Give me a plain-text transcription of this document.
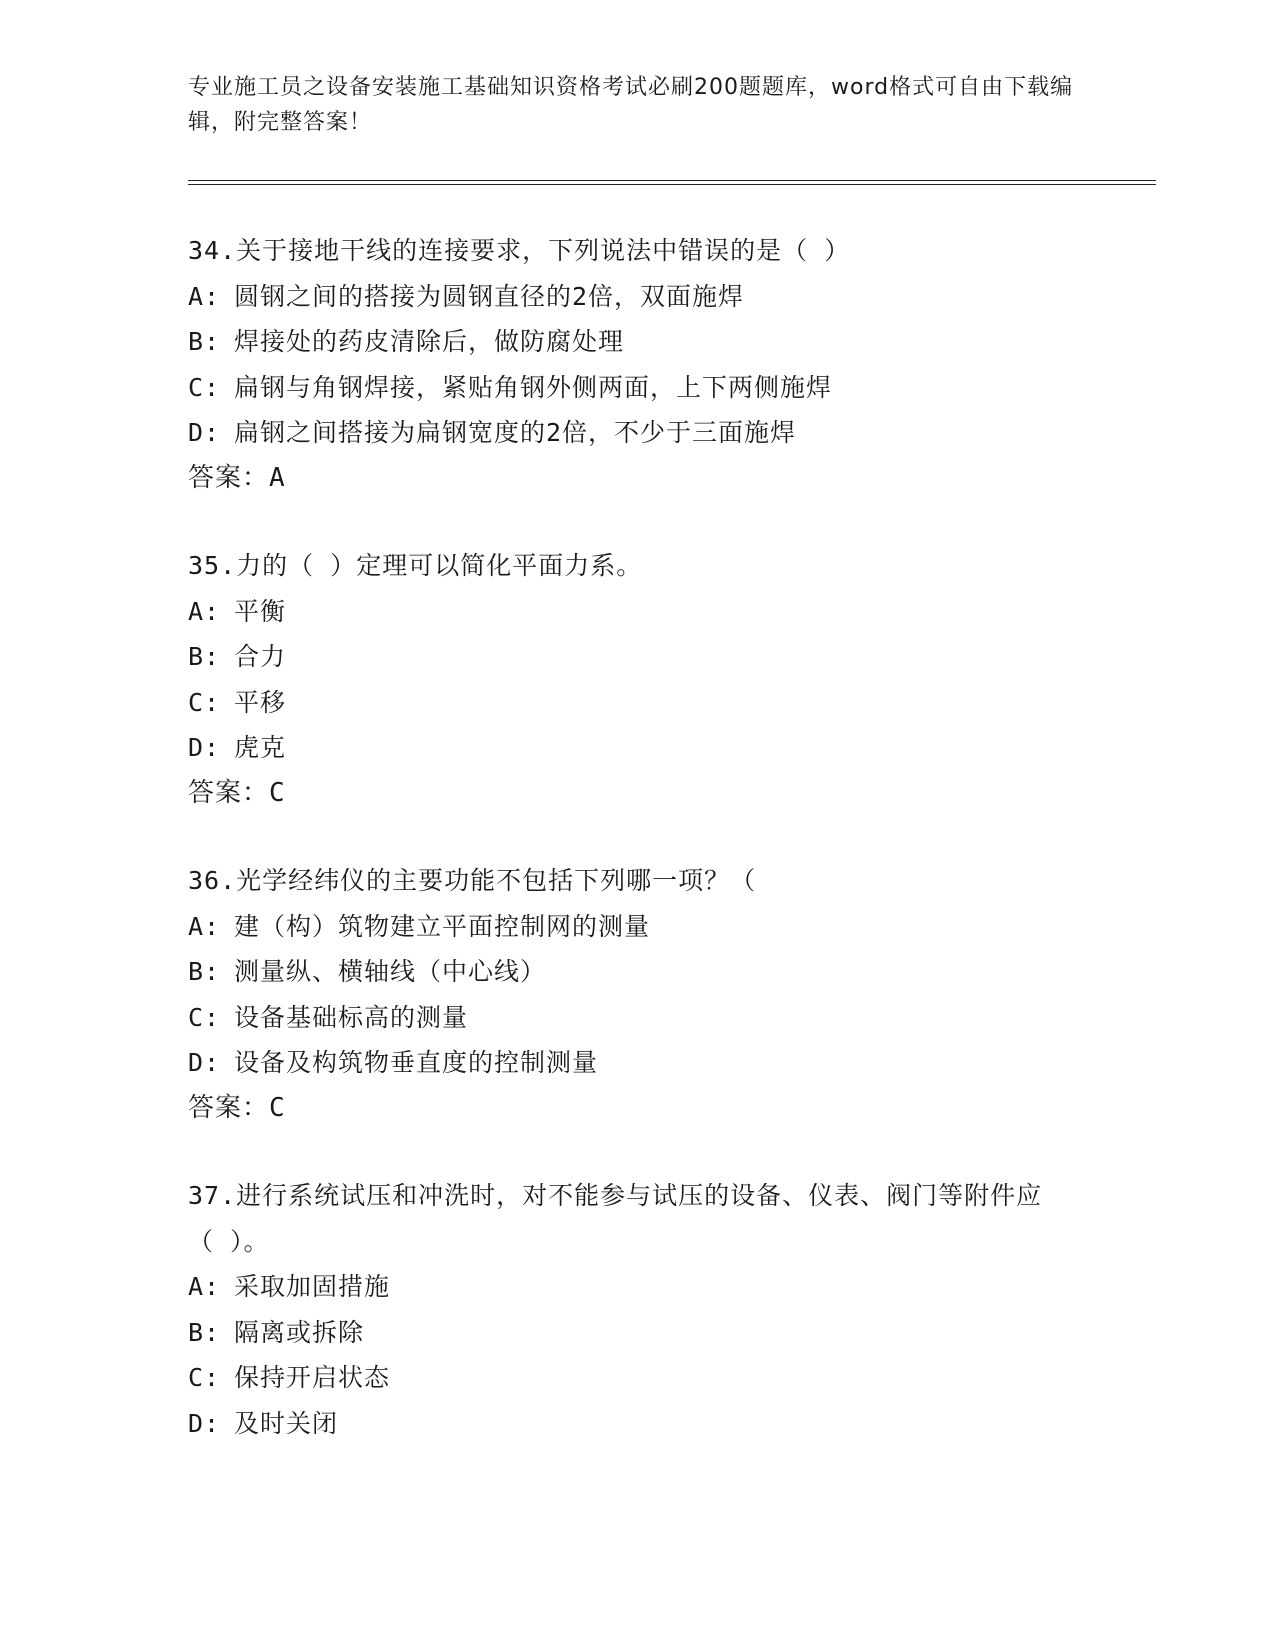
专业施工员之设备安装施工基础知识资格考试必刷200题题库，word格式可自由下载编辑，附完整答案！
34.关于接地干线的连接要求，下列说法中错误的是（ ）
A: 圆钢之间的搭接为圆钢直径的2倍，双面施焊
B: 焊接处的药皮清除后，做防腐处理
C: 扁钢与角钢焊接，紧贴角钢外侧两面，上下两侧施焊
D: 扁钢之间搭接为扁钢宽度的2倍，不少于三面施焊
答案：A
35.力的（ ）定理可以简化平面力系。
A: 平衡
B: 合力
C: 平移
D: 虎克
答案：C
36.光学经纬仪的主要功能不包括下列哪一项？（
A: 建（构）筑物建立平面控制网的测量
B: 测量纵、横轴线（中心线）
C: 设备基础标高的测量
D: 设备及构筑物垂直度的控制测量
答案：C
37.进行系统试压和冲洗时，对不能参与试压的设备、仪表、阀门等附件应（ ）。
A: 采取加固措施
B: 隔离或拆除
C: 保持开启状态
D: 及时关闭
